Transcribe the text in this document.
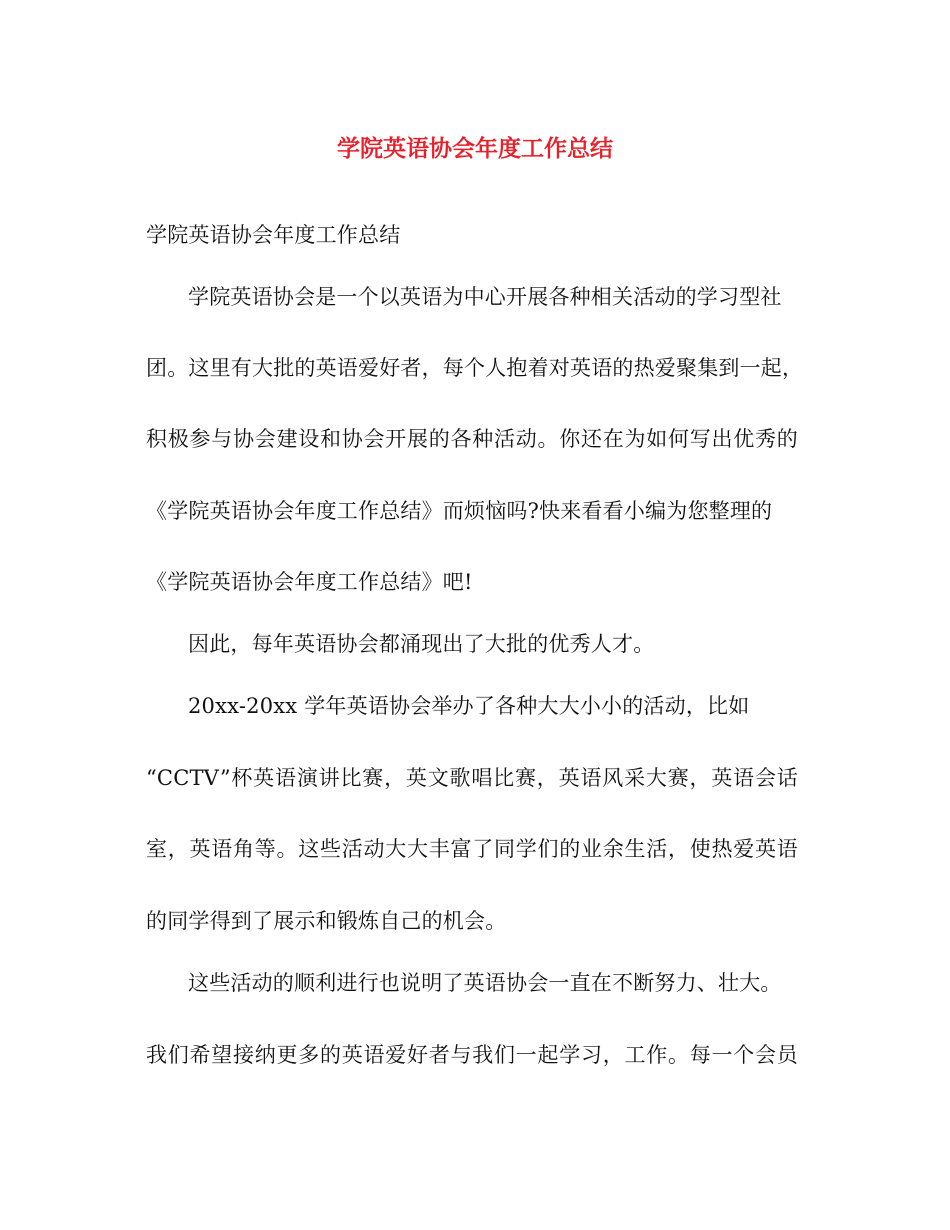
学院英语协会年度工作总结
学院英语协会年度工作总结
学院英语协会是一个以英语为中心开展各种相关活动的学习型社
团。这里有大批的英语爱好者，每个人抱着对英语的热爱聚集到一起，
积极参与协会建设和协会开展的各种活动。你还在为如何写出优秀的
《学院英语协会年度工作总结》而烦恼吗?快来看看小编为您整理的
《学院英语协会年度工作总结》吧!
因此，每年英语协会都涌现出了大批的优秀人才。
20xx-20xx 学年英语协会举办了各种大大小小的活动，比如
“CCTV”杯英语演讲比赛，英文歌唱比赛，英语风采大赛，英语会话
室，英语角等。这些活动大大丰富了同学们的业余生活，使热爱英语
的同学得到了展示和锻炼自己的机会。
这些活动的顺利进行也说明了英语协会一直在不断努力、壮大。
我们希望接纳更多的英语爱好者与我们一起学习，工作。每一个会员
